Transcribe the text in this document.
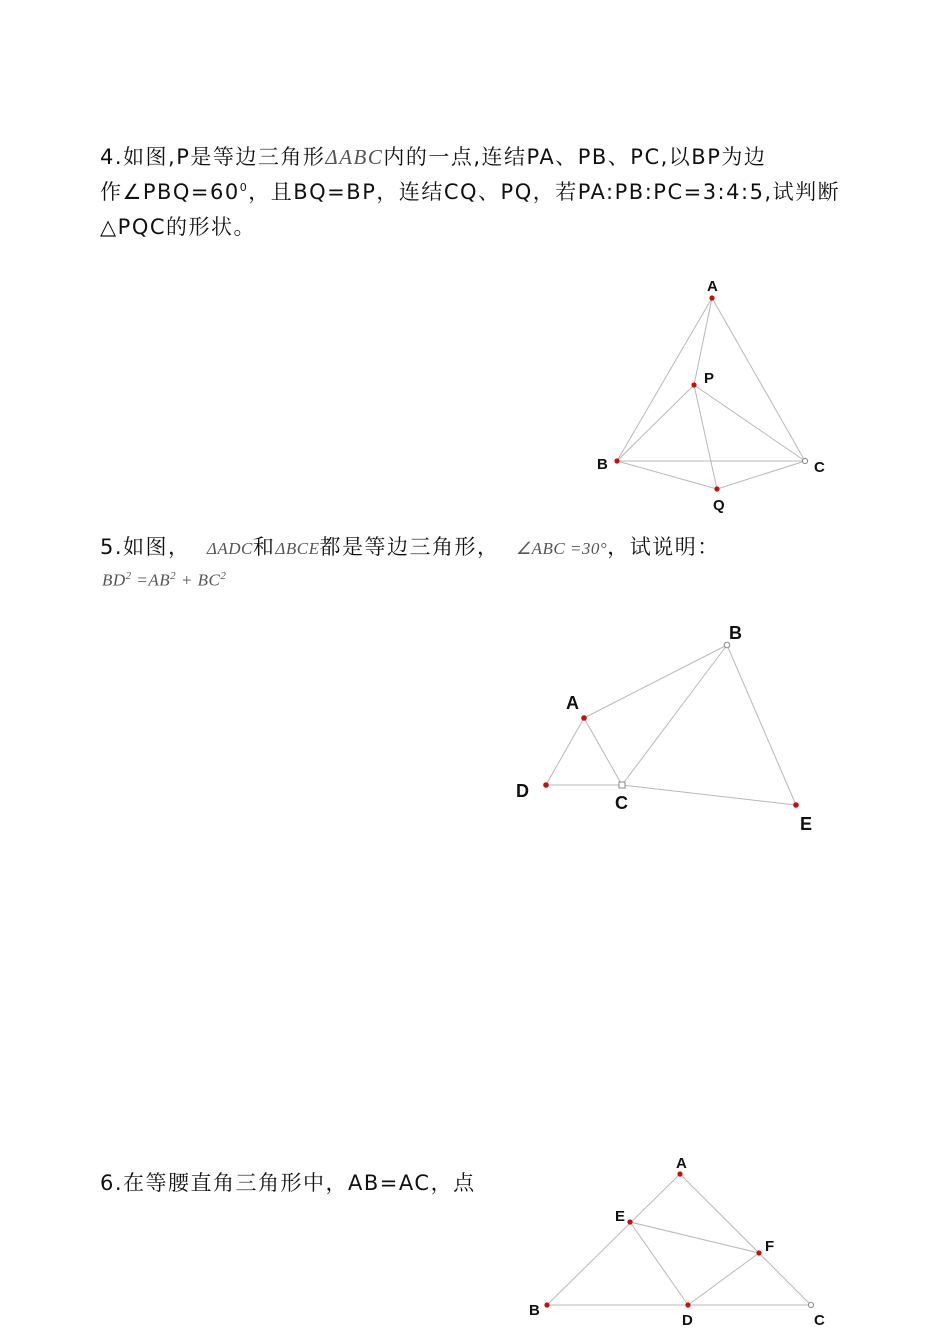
4.如图,P是等边三角形ΔABC内的一点,连结PA、PB、PC,以BP为边
作$\angle PBQ=60^0$，且BQ=BP，连结CQ、PQ，若PA:PB:PC=3:4:5,试判断
△PQC的形状。
A
P
B	C
Q
5.如图， ΔADC和ΔBCE都是等边三角形， ∠ABC =30°，试说明：
$BD^2 =AB^2 + BC^2$
A
B
C
D
E
6.在等腰直角三角形中，AB=AC，点
A
E
F
B
D	C
